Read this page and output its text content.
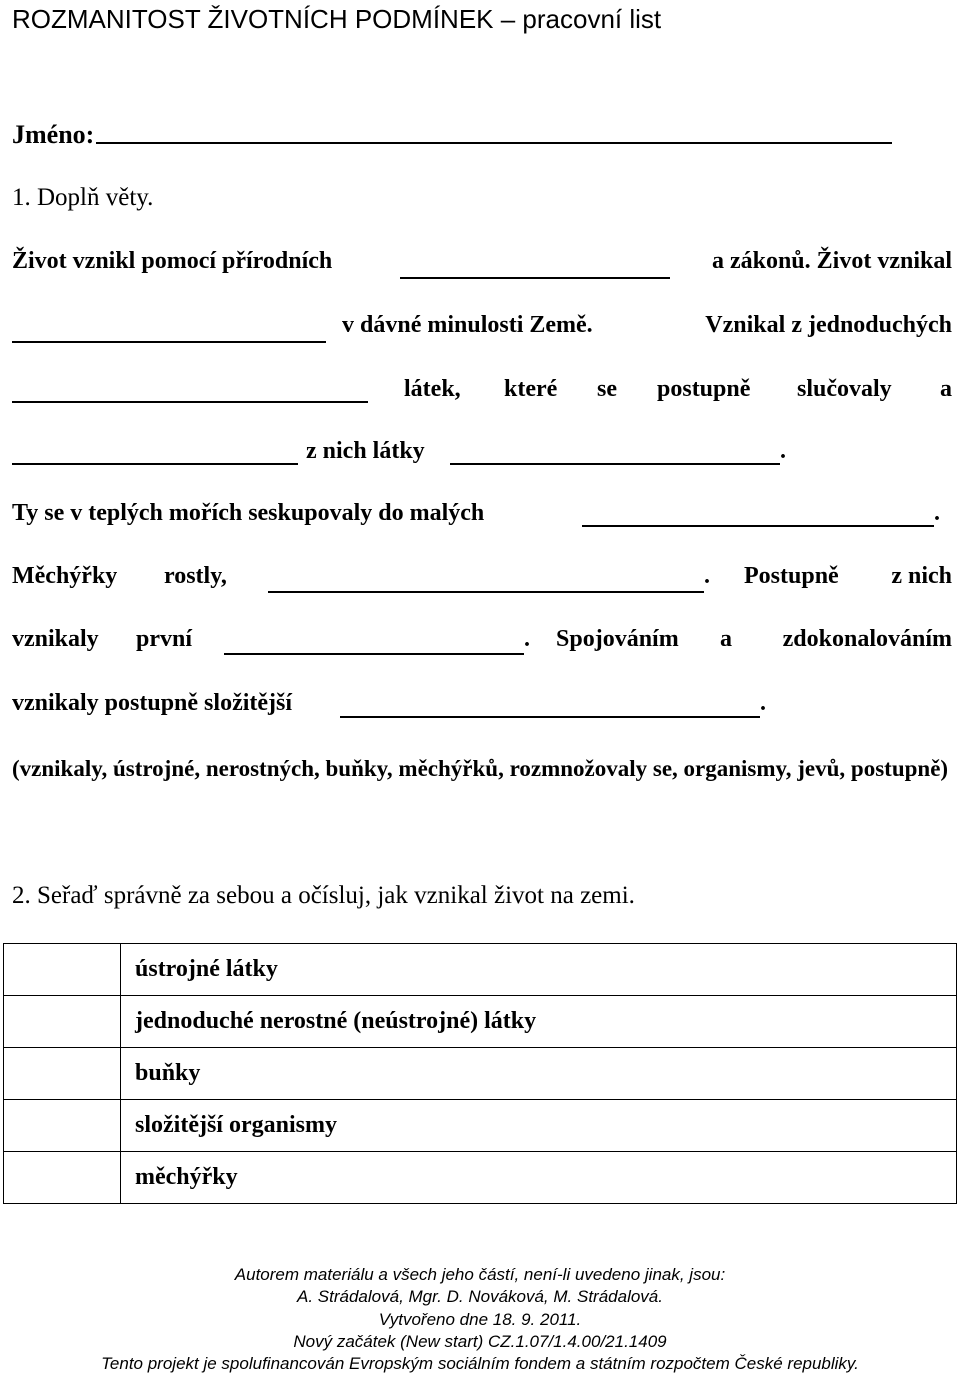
ROZMANITOST ŽIVOTNÍCH PODMÍNEK – pracovní list
Jméno:
1. Doplň věty.
Život vznikl pomocí přírodních	a zákonů. Život vznikal
v dávné minulosti Země.	Vznikal z jednoduchých
látek, které se postupně slučovaly a
z nich látky	.
Ty se v teplých mořích seskupovaly do malých	.
Měchýřky rostly,	. Postupně z nich
vznikaly první	. Spojováním a zdokonalováním
vznikaly postupně složitější	.
(vznikaly, ústrojné, nerostných, buňky, měchýřků, rozmnožovaly se, organismy, jevů, postupně)
2. Seřaď správně za sebou a očísluj, jak vznikal život na zemi.
	ústrojné látky
	jednoduché nerostné (neústrojné) látky
	buňky
	složitější organismy
	měchýřky
Autorem materiálu a všech jeho částí, není-li uvedeno jinak, jsou:
A. Strádalová, Mgr. D. Nováková, M. Strádalová.
Vytvořeno dne 18. 9. 2011.
Nový začátek (New start) CZ.1.07/1.4.00/21.1409
Tento projekt je spolufinancován Evropským sociálním fondem a státním rozpočtem České republiky.
